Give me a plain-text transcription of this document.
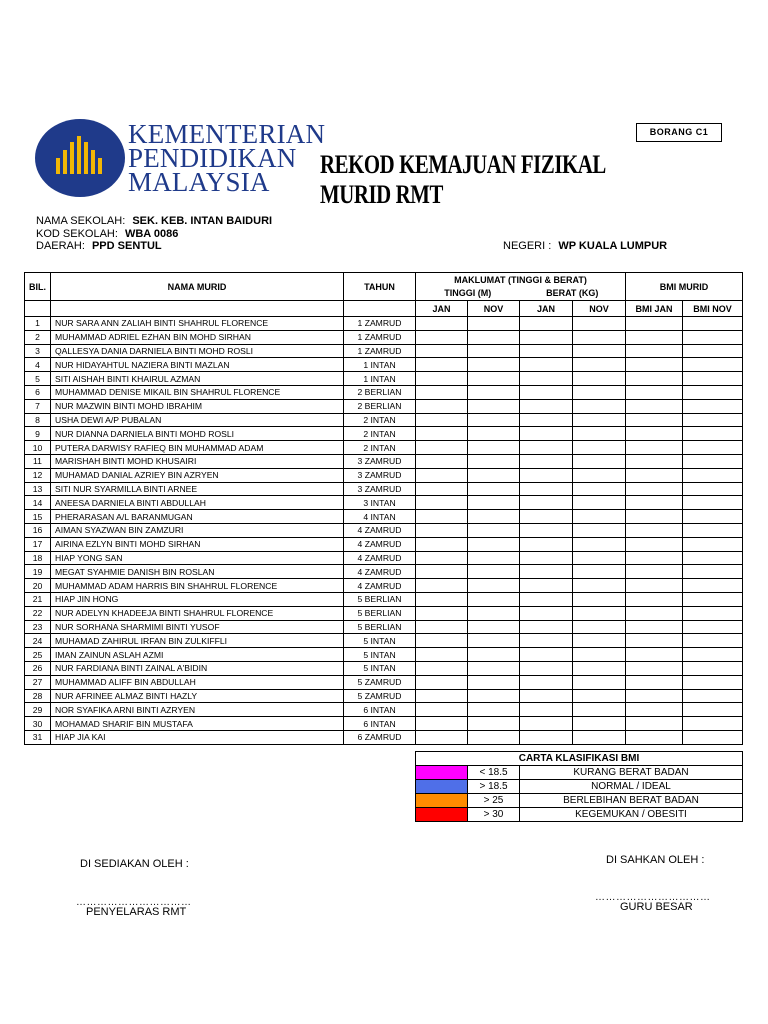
KEMENTERIAN
PENDIDIKAN
MALAYSIA
BORANG C1
REKOD KEMAJUAN FIZIKAL MURID RMT
NAMA SEKOLAH: SEK. KEB. INTAN BAIDURI
KOD SEKOLAH: WBA 0086
DAERAH: PPD SENTUL	NEGERI : WP KUALA LUMPUR
BIL.	NAMA MURID	TAHUN	MAKLUMAT (TINGGI & BERAT)				BMI MURID	
			TINGGI (M)		BERAT (KG)			
			JAN	NOV	JAN	NOV	BMI JAN	BMI NOV
1	NUR SARA ANN ZALIAH BINTI SHAHRUL FLORENCE	1 ZAMRUD						
2	MUHAMMAD ADRIEL EZHAN BIN MOHD SIRHAN	1 ZAMRUD						
3	QALLESYA DANIA DARNIELA BINTI MOHD ROSLI	1 ZAMRUD						
4	NUR HIDAYAHTUL NAZIERA BINTI MAZLAN	1 INTAN						
5	SITI AISHAH BINTI KHAIRUL AZMAN	1 INTAN						
6	MUHAMMAD DENISE MIKAIL BIN SHAHRUL FLORENCE	2 BERLIAN						
7	NUR MAZWIN BINTI MOHD IBRAHIM	2 BERLIAN						
8	USHA DEWI A/P PUBALAN	2 INTAN						
9	NUR DIANNA DARNIELA BINTI MOHD ROSLI	2 INTAN						
10	PUTERA DARWISY RAFIEQ BIN MUHAMMAD ADAM	2 INTAN						
11	MARISHAH BINTI MOHD KHUSAIRI	3 ZAMRUD						
12	MUHAMAD DANIAL AZRIEY BIN AZRYEN	3 ZAMRUD						
13	SITI NUR SYARMILLA BINTI ARNEE	3 ZAMRUD						
14	ANEESA DARNIELA BINTI ABDULLAH	3 INTAN						
15	PHERARASAN A/L BARANMUGAN	4 INTAN						
16	AIMAN SYAZWAN BIN ZAMZURI	4 ZAMRUD						
17	AIRINA EZLYN BINTI MOHD SIRHAN	4 ZAMRUD						
18	HIAP YONG SAN	4 ZAMRUD						
19	MEGAT SYAHMIE DANISH BIN ROSLAN	4 ZAMRUD						
20	MUHAMMAD ADAM HARRIS BIN SHAHRUL FLORENCE	4 ZAMRUD						
21	HIAP JIN HONG	5 BERLIAN						
22	NUR ADELYN KHADEEJA BINTI SHAHRUL FLORENCE	5 BERLIAN						
23	NUR SORHANA SHARMIMI BINTI YUSOF	5 BERLIAN						
24	MUHAMAD ZAHIRUL IRFAN BIN ZULKIFFLI	5 INTAN						
25	IMAN ZAINUN ASLAH AZMI	5 INTAN						
26	NUR FARDIANA BINTI ZAINAL A'BIDIN	5 INTAN						
27	MUHAMMAD ALIFF BIN ABDULLAH	5 ZAMRUD						
28	NUR AFRINEE ALMAZ BINTI HAZLY	5 ZAMRUD						
29	NOR SYAFIKA ARNI BINTI AZRYEN	6 INTAN						
30	MOHAMAD SHARIF BIN MUSTAFA	6 INTAN						
31	HIAP JIA KAI	6 ZAMRUD						
CARTA KLASIFIKASI BMI		
	< 18.5	KURANG BERAT BADAN
	> 18.5	NORMAL / IDEAL
	> 25	BERLEBIHAN BERAT BADAN
	> 30	KEGEMUKAN / OBESITI
DI SEDIAKAN OLEH :
……………………………
PENYELARAS RMT
DI SAHKAN OLEH :
……………………………
GURU BESAR
